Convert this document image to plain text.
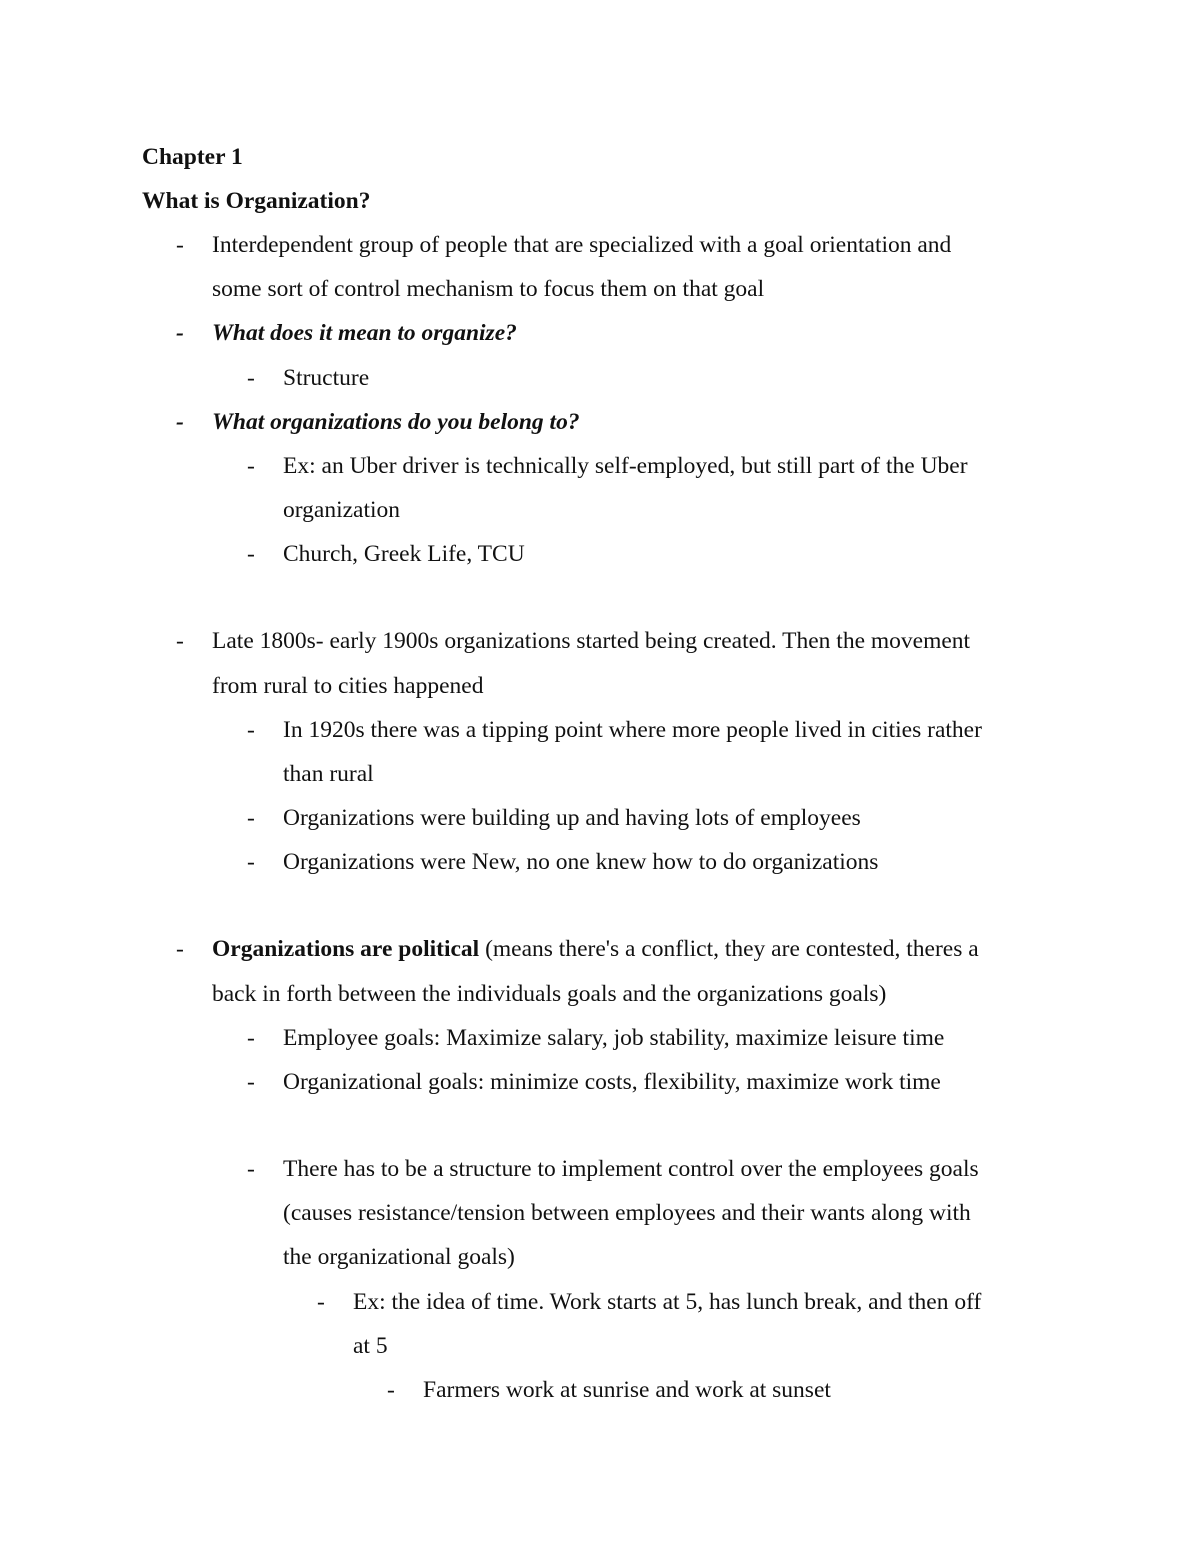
Chapter 1
What is Organization?
- Interdependent group of people that are specialized with a goal orientation and
some sort of control mechanism to focus them on that goal
- What does it mean to organize?
- Structure
- What organizations do you belong to?
- Ex: an Uber driver is technically self-employed, but still part of the Uber
organization
- Church, Greek Life, TCU
- Late 1800s- early 1900s organizations started being created. Then the movement
from rural to cities happened
- In 1920s there was a tipping point where more people lived in cities rather
than rural
- Organizations were building up and having lots of employees
- Organizations were New, no one knew how to do organizations
- Organizations are political (means there's a conflict, they are contested, theres a
back in forth between the individuals goals and the organizations goals)
- Employee goals: Maximize salary, job stability, maximize leisure time
- Organizational goals: minimize costs, flexibility, maximize work time
- There has to be a structure to implement control over the employees goals
(causes resistance/tension between employees and their wants along with
the organizational goals)
- Ex: the idea of time. Work starts at 5, has lunch break, and then off
at 5
- Farmers work at sunrise and work at sunset
